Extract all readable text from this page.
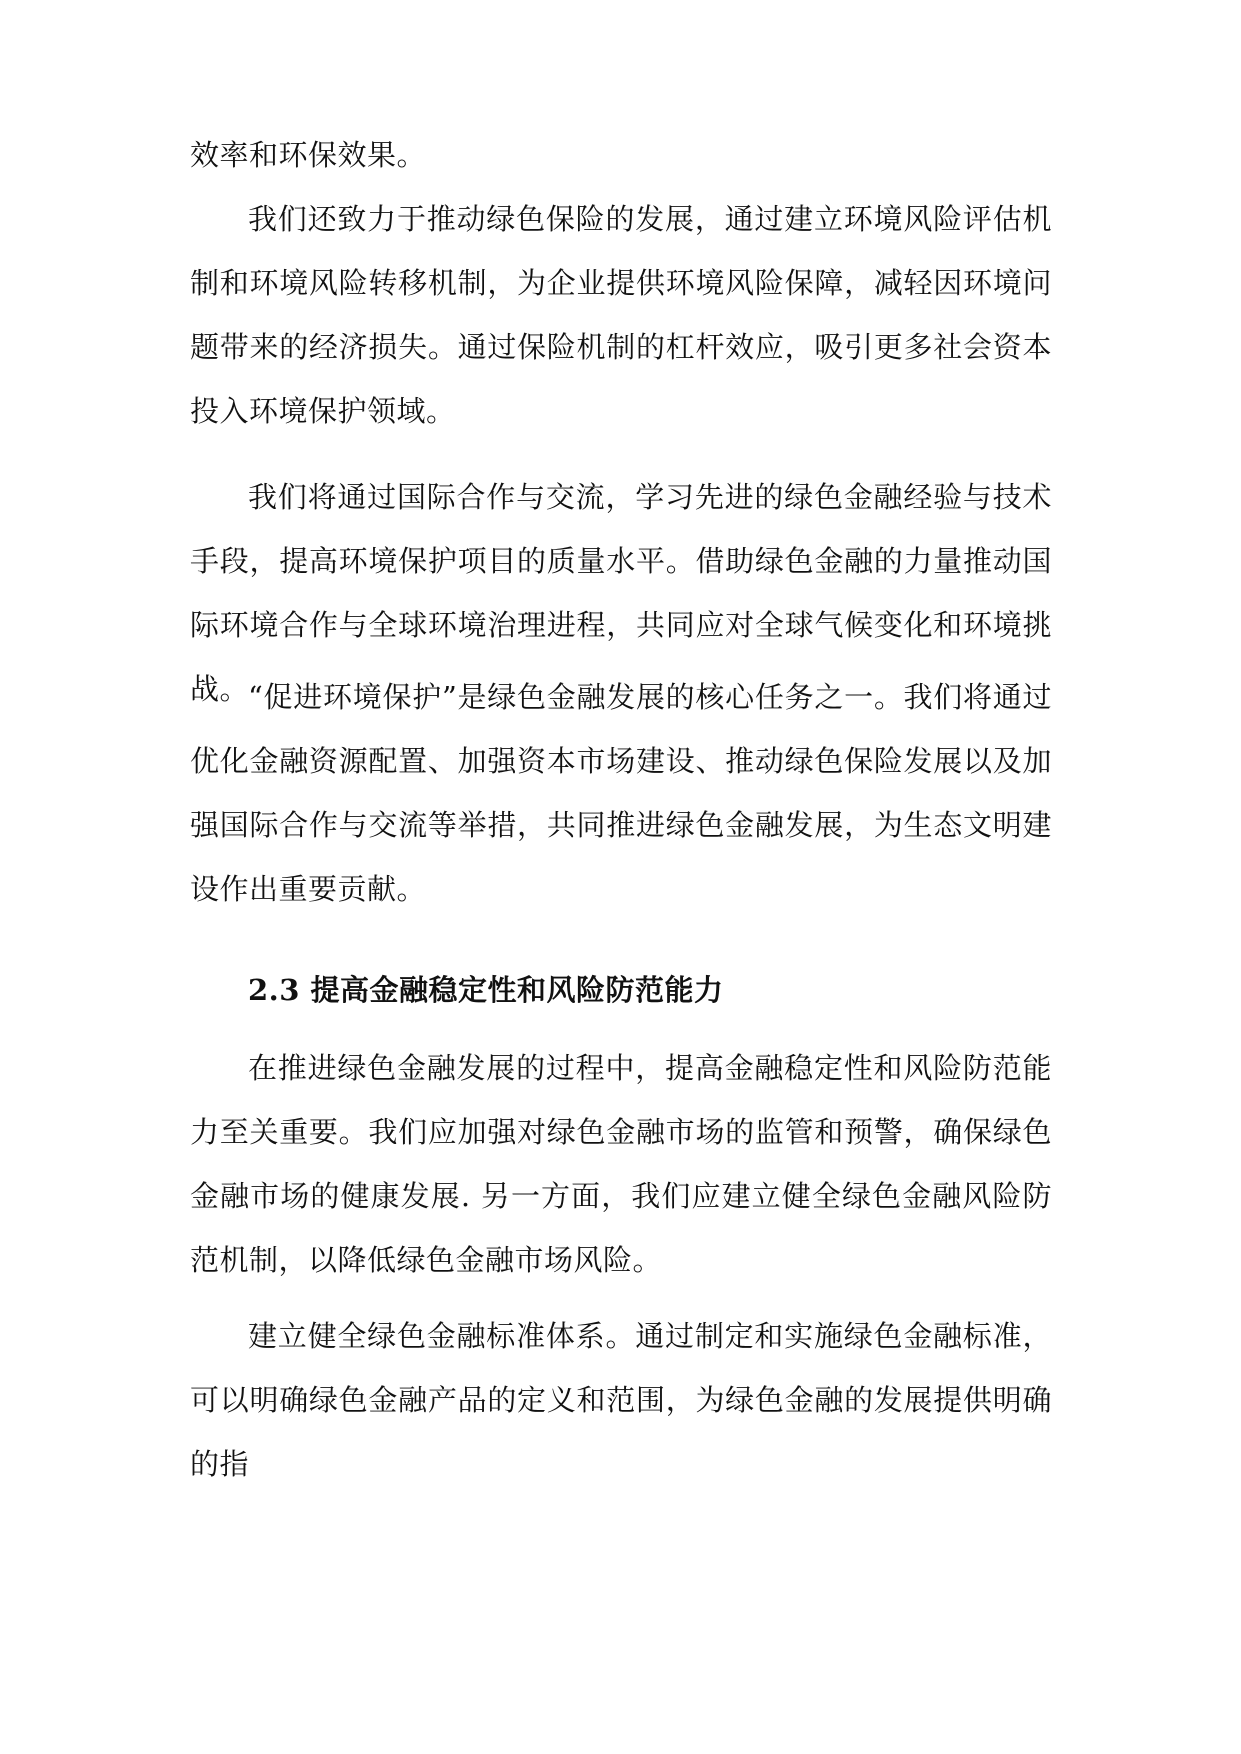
效率和环保效果。

我们还致力于推动绿色保险的发展，通过建立环境风险评估机制和环境风险转移机制，为企业提供环境风险保障，减轻因环境问题带来的经济损失。通过保险机制的杠杆效应，吸引更多社会资本投入环境保护领域。

我们将通过国际合作与交流，学习先进的绿色金融经验与技术手段，提高环境保护项目的质量水平。借助绿色金融的力量推动国际环境合作与全球环境治理进程，共同应对全球气候变化和环境挑战。

“促进环境保护”是绿色金融发展的核心任务之一。我们将通过优化金融资源配置、加强资本市场建设、推动绿色保险发展以及加强国际合作与交流等举措，共同推进绿色金融发展，为生态文明建设作出重要贡献。

2.3 提高金融稳定性和风险防范能力

在推进绿色金融发展的过程中，提高金融稳定性和风险防范能力至关重要。我们应加强对绿色金融市场的监管和预警，确保绿色金融市场的健康发展. 另一方面，我们应建立健全绿色金融风险防范机制，以降低绿色金融市场风险。

建立健全绿色金融标准体系。通过制定和实施绿色金融标准，可以明确绿色金融产品的定义和范围，为绿色金融的发展提供明确的指
